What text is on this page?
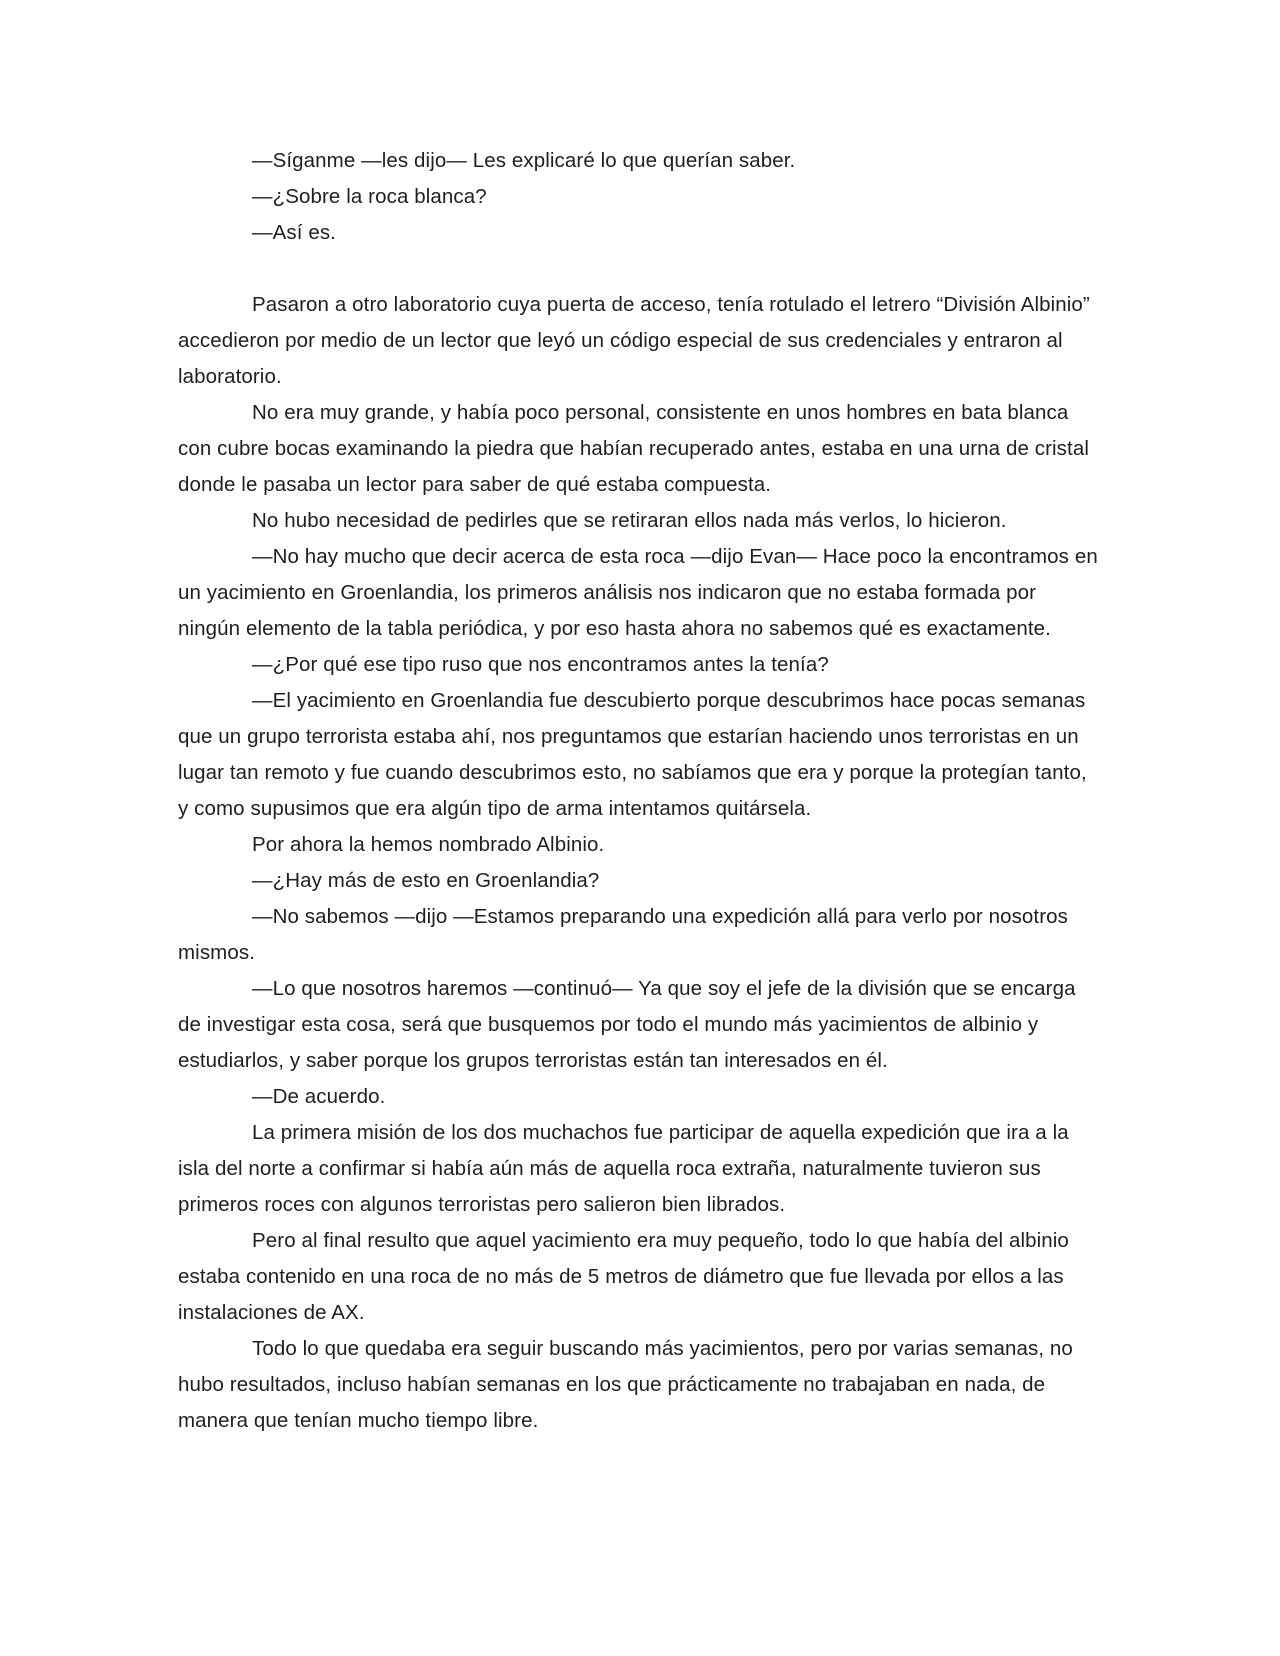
—Síganme —les dijo— Les explicaré lo que querían saber.

—¿Sobre la roca blanca?

—Así es.

Pasaron a otro laboratorio cuya puerta de acceso, tenía rotulado el letrero “División Albinio” accedieron por medio de un lector que leyó un código especial de sus credenciales y entraron al laboratorio.

No era muy grande, y había poco personal, consistente en unos hombres en bata blanca con cubre bocas examinando la piedra que habían recuperado antes, estaba en una urna de cristal donde le pasaba un lector para saber de qué estaba compuesta.

No hubo necesidad de pedirles que se retiraran ellos nada más verlos, lo hicieron.

—No hay mucho que decir acerca de esta roca —dijo Evan— Hace poco la encontramos en un yacimiento en Groenlandia, los primeros análisis nos indicaron que no estaba formada por ningún elemento de la tabla periódica, y por eso hasta ahora no sabemos qué es exactamente.

—¿Por qué ese tipo ruso que nos encontramos antes la tenía?

—El yacimiento en Groenlandia fue descubierto porque descubrimos hace pocas semanas que un grupo terrorista estaba ahí, nos preguntamos que estarían haciendo unos terroristas en un lugar tan remoto y fue cuando descubrimos esto, no sabíamos que era y porque la protegían tanto, y como supusimos que era algún tipo de arma intentamos quitársela.

Por ahora la hemos nombrado Albinio.

—¿Hay más de esto en Groenlandia?

—No sabemos —dijo —Estamos preparando una expedición allá para verlo por nosotros mismos.

—Lo que nosotros haremos —continuó— Ya que soy el jefe de la división que se encarga de investigar esta cosa, será que busquemos por todo el mundo más yacimientos de albinio y estudiarlos, y saber porque los grupos terroristas están tan interesados en él.

—De acuerdo.

La primera misión de los dos muchachos fue participar de aquella expedición que ira a la isla del norte a confirmar si había aún más de aquella roca extraña, naturalmente tuvieron sus primeros roces con algunos terroristas pero salieron bien librados.

Pero al final resulto que aquel yacimiento era muy pequeño, todo lo que había del albinio estaba contenido en una roca de no más de 5 metros de diámetro que fue llevada por ellos a las instalaciones de AX.

Todo lo que quedaba era seguir buscando más yacimientos, pero por varias semanas, no hubo resultados, incluso habían semanas en los que prácticamente no trabajaban en nada, de manera que tenían mucho tiempo libre.
